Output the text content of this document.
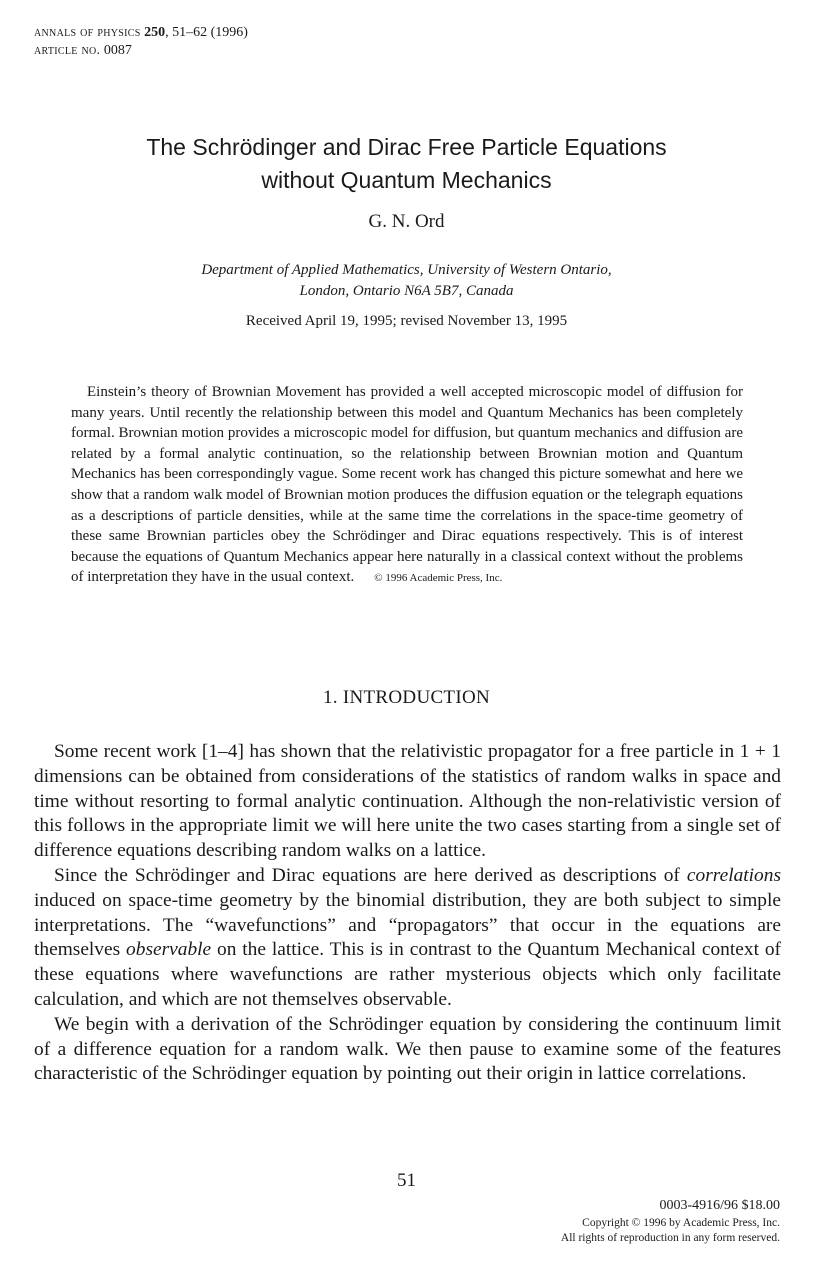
annals of physics 250, 51–62 (1996)
article no. 0087
The Schrödinger and Dirac Free Particle Equations
without Quantum Mechanics
G. N. Ord
Department of Applied Mathematics, University of Western Ontario,
London, Ontario N6A 5B7, Canada
Received April 19, 1995; revised November 13, 1995

Einstein’s theory of Brownian Movement has provided a well accepted microscopic model of diffusion for many years. Until recently the relationship between this model and Quantum Mechanics has been completely formal. Brownian motion provides a microscopic model for diffusion, but quantum mechanics and diffusion are related by a formal analytic continuation, so the relationship between Brownian motion and Quantum Mechanics has been correspondingly vague. Some recent work has changed this picture somewhat and here we show that a random walk model of Brownian motion produces the diffusion equation or the telegraph equations as a descriptions of particle densities, while at the same time the correlations in the space-time geometry of these same Brownian particles obey the Schrödinger and Dirac equations respectively. This is of interest because the equations of Quantum Mechanics appear here naturally in a classical context without the problems of interpretation they have in the usual context. © 1996 Academic Press, Inc.

1. INTRODUCTION

Some recent work [1–4] has shown that the relativistic propagator for a free particle in 1 + 1 dimensions can be obtained from considerations of the statistics of random walks in space and time without resorting to formal analytic continuation. Although the non-relativistic version of this follows in the appropriate limit we will here unite the two cases starting from a single set of difference equations describing random walks on a lattice.

Since the Schrödinger and Dirac equations are here derived as descriptions of correlations induced on space-time geometry by the binomial distribution, they are both subject to simple interpretations. The “wavefunctions” and “propagators” that occur in the equations are themselves observable on the lattice. This is in contrast to the Quantum Mechanical context of these equations where wavefunctions are rather mysterious objects which only facilitate calculation, and which are not themselves observable.

We begin with a derivation of the Schrödinger equation by considering the continuum limit of a difference equation for a random walk. We then pause to examine some of the features characteristic of the Schrödinger equation by pointing out their origin in lattice correlations.

51
0003-4916/96 $18.00
Copyright © 1996 by Academic Press, Inc.
All rights of reproduction in any form reserved.
